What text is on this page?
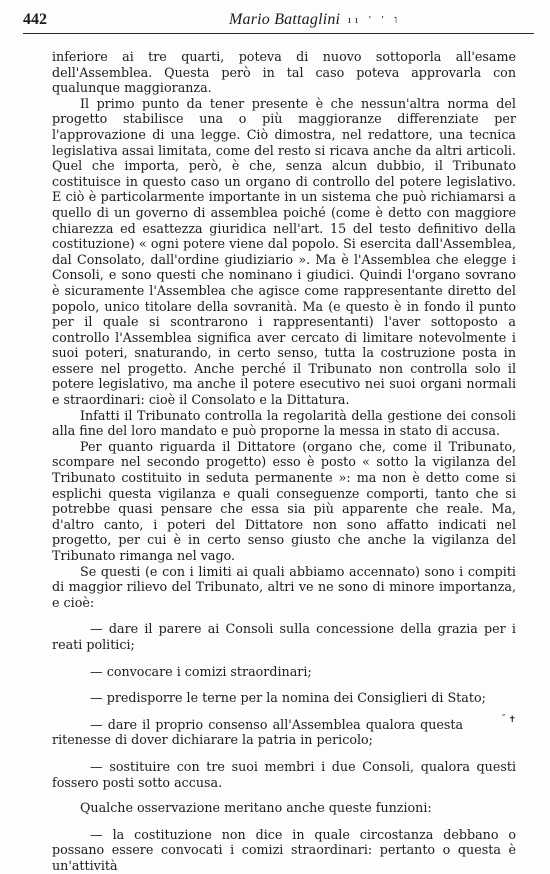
442	Mario Battaglini ıı ' ' ו

inferiore ai tre quarti, poteva di nuovo sottoporla all'esame dell'Assemblea. Questa però in tal caso poteva approvarla con qualunque maggioranza.

Il primo punto da tener presente è che nessun'altra norma del progetto stabilisce una o più maggioranze differenziate per l'approvazione di una legge. Ciò dimostra, nel redattore, una tecnica legislativa assai limitata, come del resto si ricava anche da altri articoli. Quel che importa, però, è che, senza alcun dubbio, il Tribunato costituisce in questo caso un organo di controllo del potere legislativo. E ciò è particolarmente importante in un sistema che può richiamarsi a quello di un governo di assemblea poiché (come è detto con maggiore chiarezza ed esattezza giuridica nell'art. 15 del testo definitivo della costituzione) « ogni potere viene dal popolo. Si esercita dall'Assemblea, dal Consolato, dall'ordine giudiziario ». Ma è l'Assemblea che elegge i Consoli, e sono questi che nominano i giudici. Quindi l'organo sovrano è sicuramente l'Assemblea che agisce come rappresentante diretto del popolo, unico titolare della sovranità. Ma (e questo è in fondo il punto per il quale si scontrarono i rappresentanti) l'aver sottoposto a controllo l'Assemblea significa aver cercato di limitare notevolmente i suoi poteri, snaturando, in certo senso, tutta la costruzione posta in essere nel progetto. Anche perché il Tribunato non controlla solo il potere legislativo, ma anche il potere esecutivo nei suoi organi normali e straordinari: cioè il Consolato e la Dittatura.

Infatti il Tribunato controlla la regolarità della gestione dei consoli alla fine del loro mandato e può proporne la messa in stato di accusa.

Per quanto riguarda il Dittatore (organo che, come il Tribunato, scompare nel secondo progetto) esso è posto « sotto la vigilanza del Tribunato costituito in seduta permanente »: ma non è detto come si esplichi questa vigilanza e quali conseguenze comporti, tanto che si potrebbe quasi pensare che essa sia più apparente che reale. Ma, d'altro canto, i poteri del Dittatore non sono affatto indicati nel progetto, per cui è in certo senso giusto che anche la vigilanza del Tribunato rimanga nel vago.

Se questi (e con i limiti ai quali abbiamo accennato) sono i compiti di maggior rilievo del Tribunato, altri ve ne sono di minore importanza, e cioè:

— dare il parere ai Consoli sulla concessione della grazia per i reati politici;

— convocare i comizi straordinari;

— predisporre le terne per la nomina dei Consiglieri di Stato;

˝ ✝
— dare il proprio consenso all'Assemblea qualora questa ritenesse di dover dichiarare la patria in pericolo;

— sostituire con tre suoi membri i due Consoli, qualora questi fossero posti sotto accusa.

Qualche osservazione meritano anche queste funzioni:

— la costituzione non dice in quale circostanza debbano o possano essere convocati i comizi straordinari: pertanto o questa è un'attività
